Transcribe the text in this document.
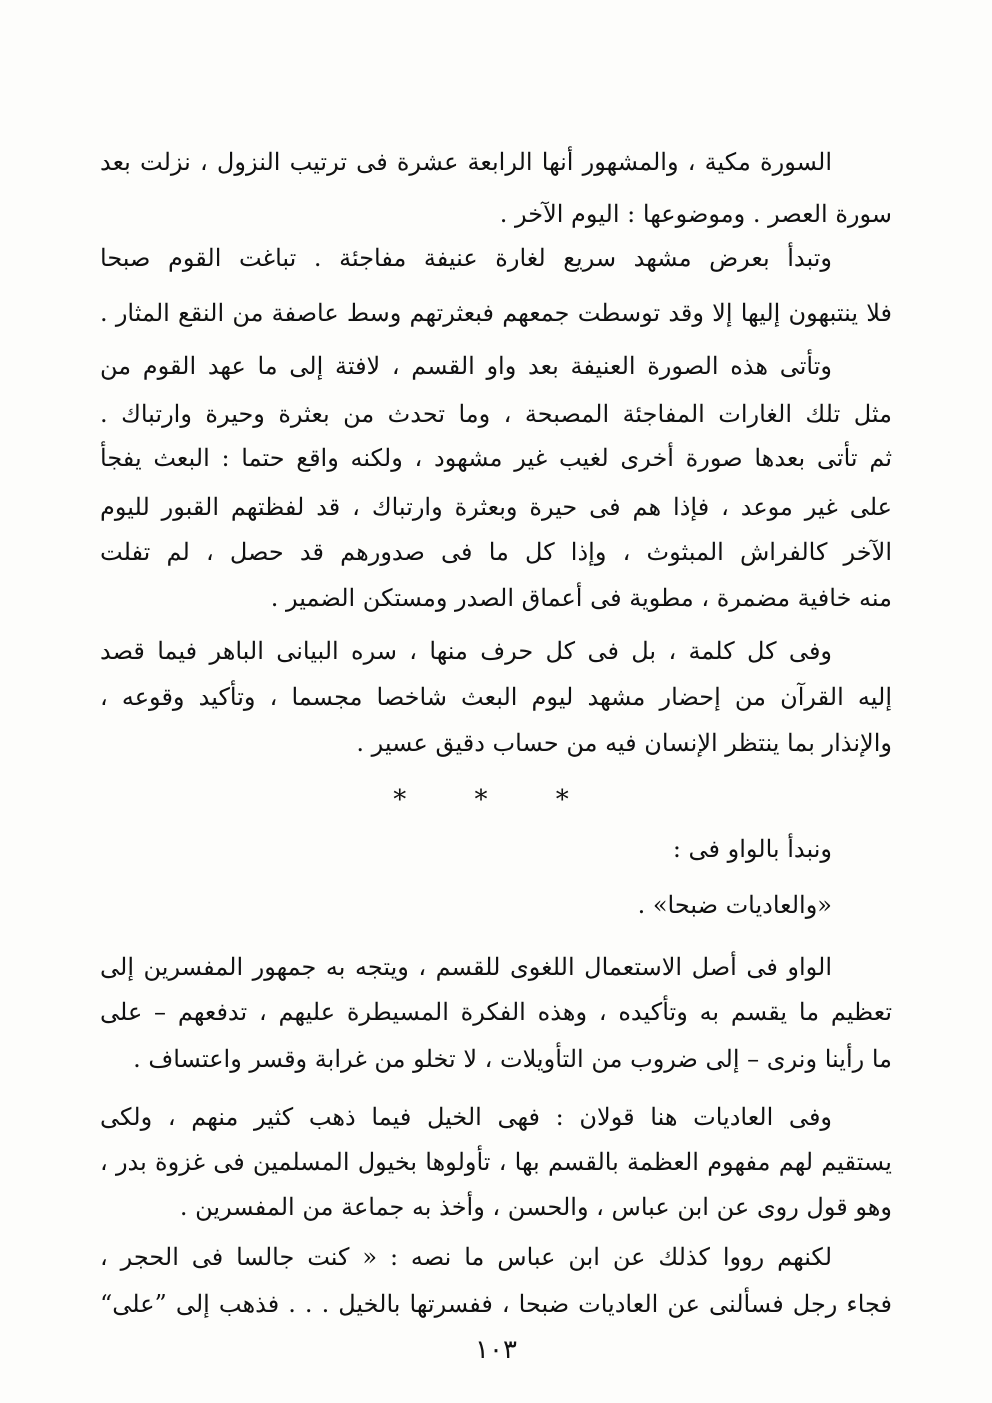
السورة مكية ، والمشهور أنها الرابعة عشرة فى ترتيب النزول ، نزلت بعد
سورة العصر . وموضوعها : اليوم الآخر .
وتبدأ بعرض مشهد سريع لغارة عنيفة مفاجئة . تباغت القوم صبحا
فلا ينتبهون إليها إلا وقد توسطت جمعهم فبعثرتهم وسط عاصفة من النقع المثار .
وتأتى هذه الصورة العنيفة بعد واو القسم ، لافتة إلى ما عهد القوم من
مثل تلك الغارات المفاجئة المصبحة ، وما تحدث من بعثرة وحيرة وارتباك .
ثم تأتى بعدها صورة أخرى لغيب غير مشهود ، ولكنه واقع حتما : البعث يفجأ
على غير موعد ، فإذا هم فى حيرة وبعثرة وارتباك ، قد لفظتهم القبور لليوم
الآخر كالفراش المبثوث ، وإذا كل ما فى صدورهم قد حصل ، لم تفلت
منه خافية مضمرة ، مطوية فى أعماق الصدر ومستكن الضمير .
وفى كل كلمة ، بل فى كل حرف منها ، سره البيانى الباهر فيما قصد
إليه القرآن من إحضار مشهد ليوم البعث شاخصا مجسما ، وتأكيد وقوعه ،
والإنذار بما ينتظر الإنسان فيه من حساب دقيق عسير .
* * *
ونبدأ بالواو فى :
«والعاديات ضبحا» .
الواو فى أصل الاستعمال اللغوى للقسم ، ويتجه به جمهور المفسرين إلى
تعظيم ما يقسم به وتأكيده ، وهذه الفكرة المسيطرة عليهم ، تدفعهم – على
ما رأينا ونرى – إلى ضروب من التأويلات ، لا تخلو من غرابة وقسر واعتساف .
وفى العاديات هنا قولان : فهى الخيل فيما ذهب كثير منهم ، ولكى
يستقيم لهم مفهوم العظمة بالقسم بها ، تأولوها بخيول المسلمين فى غزوة بدر ،
وهو قول روى عن ابن عباس ، والحسن ، وأخذ به جماعة من المفسرين .
لكنهم رووا كذلك عن ابن عباس ما نصه : « كنت جالسا فى الحجر ،
فجاء رجل فسألنى عن العاديات ضبحا ، ففسرتها بالخيل . . . فذهب إلى ”على“
١٠٣
